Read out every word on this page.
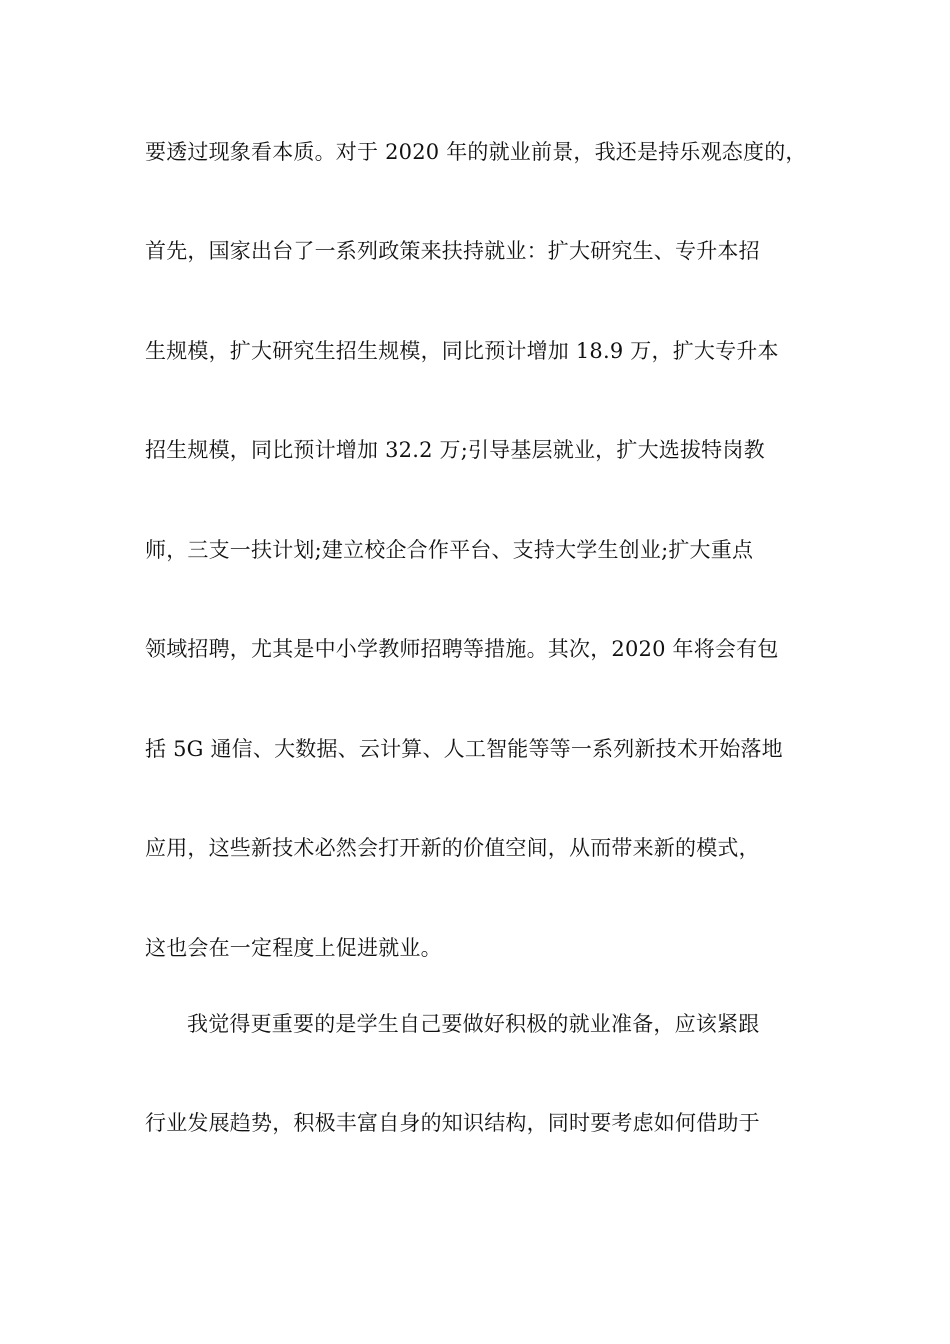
要透过现象看本质。对于 2020 年的就业前景，我还是持乐观态度的，
首先，国家出台了一系列政策来扶持就业：扩大研究生、专升本招
生规模，扩大研究生招生规模，同比预计增加 18.9 万，扩大专升本
招生规模，同比预计增加 32.2 万;引导基层就业，扩大选拔特岗教
师，三支一扶计划;建立校企合作平台、支持大学生创业;扩大重点
领域招聘，尤其是中小学教师招聘等措施。其次，2020 年将会有包
括 5G 通信、大数据、云计算、人工智能等等一系列新技术开始落地
应用，这些新技术必然会打开新的价值空间，从而带来新的模式，
这也会在一定程度上促进就业。
我觉得更重要的是学生自己要做好积极的就业准备，应该紧跟
行业发展趋势，积极丰富自身的知识结构，同时要考虑如何借助于
